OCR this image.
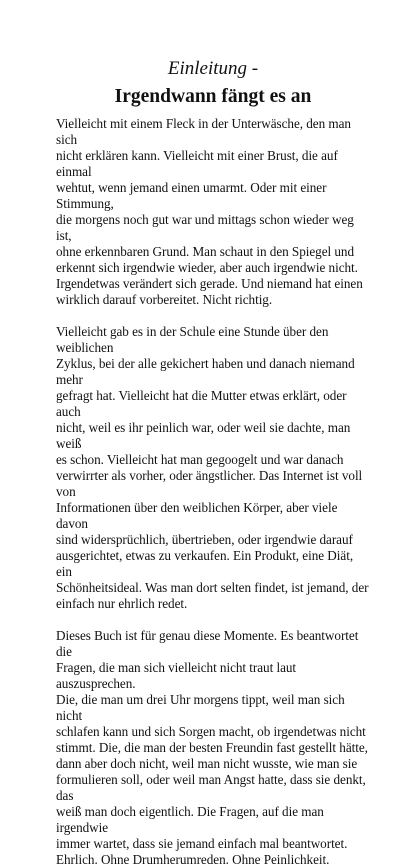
Einleitung -
Irgendwann fängt es an
Vielleicht mit einem Fleck in der Unterwäsche, den man sich
nicht erklären kann. Vielleicht mit einer Brust, die auf einmal
wehtut, wenn jemand einen umarmt. Oder mit einer Stimmung,
die morgens noch gut war und mittags schon wieder weg ist,
ohne erkennbaren Grund. Man schaut in den Spiegel und
erkennt sich irgendwie wieder, aber auch irgendwie nicht.
Irgendetwas verändert sich gerade. Und niemand hat einen
wirklich darauf vorbereitet. Nicht richtig.
Vielleicht gab es in der Schule eine Stunde über den weiblichen
Zyklus, bei der alle gekichert haben und danach niemand mehr
gefragt hat. Vielleicht hat die Mutter etwas erklärt, oder auch
nicht, weil es ihr peinlich war, oder weil sie dachte, man weiß
es schon. Vielleicht hat man gegoogelt und war danach
verwirrter als vorher, oder ängstlicher. Das Internet ist voll von
Informationen über den weiblichen Körper, aber viele davon
sind widersprüchlich, übertrieben, oder irgendwie darauf
ausgerichtet, etwas zu verkaufen. Ein Produkt, eine Diät, ein
Schönheitsideal. Was man dort selten findet, ist jemand, der
einfach nur ehrlich redet.
Dieses Buch ist für genau diese Momente. Es beantwortet die
Fragen, die man sich vielleicht nicht traut laut auszusprechen.
Die, die man um drei Uhr morgens tippt, weil man sich nicht
schlafen kann und sich Sorgen macht, ob irgendetwas nicht
stimmt. Die, die man der besten Freundin fast gestellt hätte,
dann aber doch nicht, weil man nicht wusste, wie man sie
formulieren soll, oder weil man Angst hatte, dass sie denkt, das
weiß man doch eigentlich. Die Fragen, auf die man irgendwie
immer wartet, dass sie jemand einfach mal beantwortet.
Ehrlich. Ohne Drumherumreden. Ohne Peinlichkeit.
